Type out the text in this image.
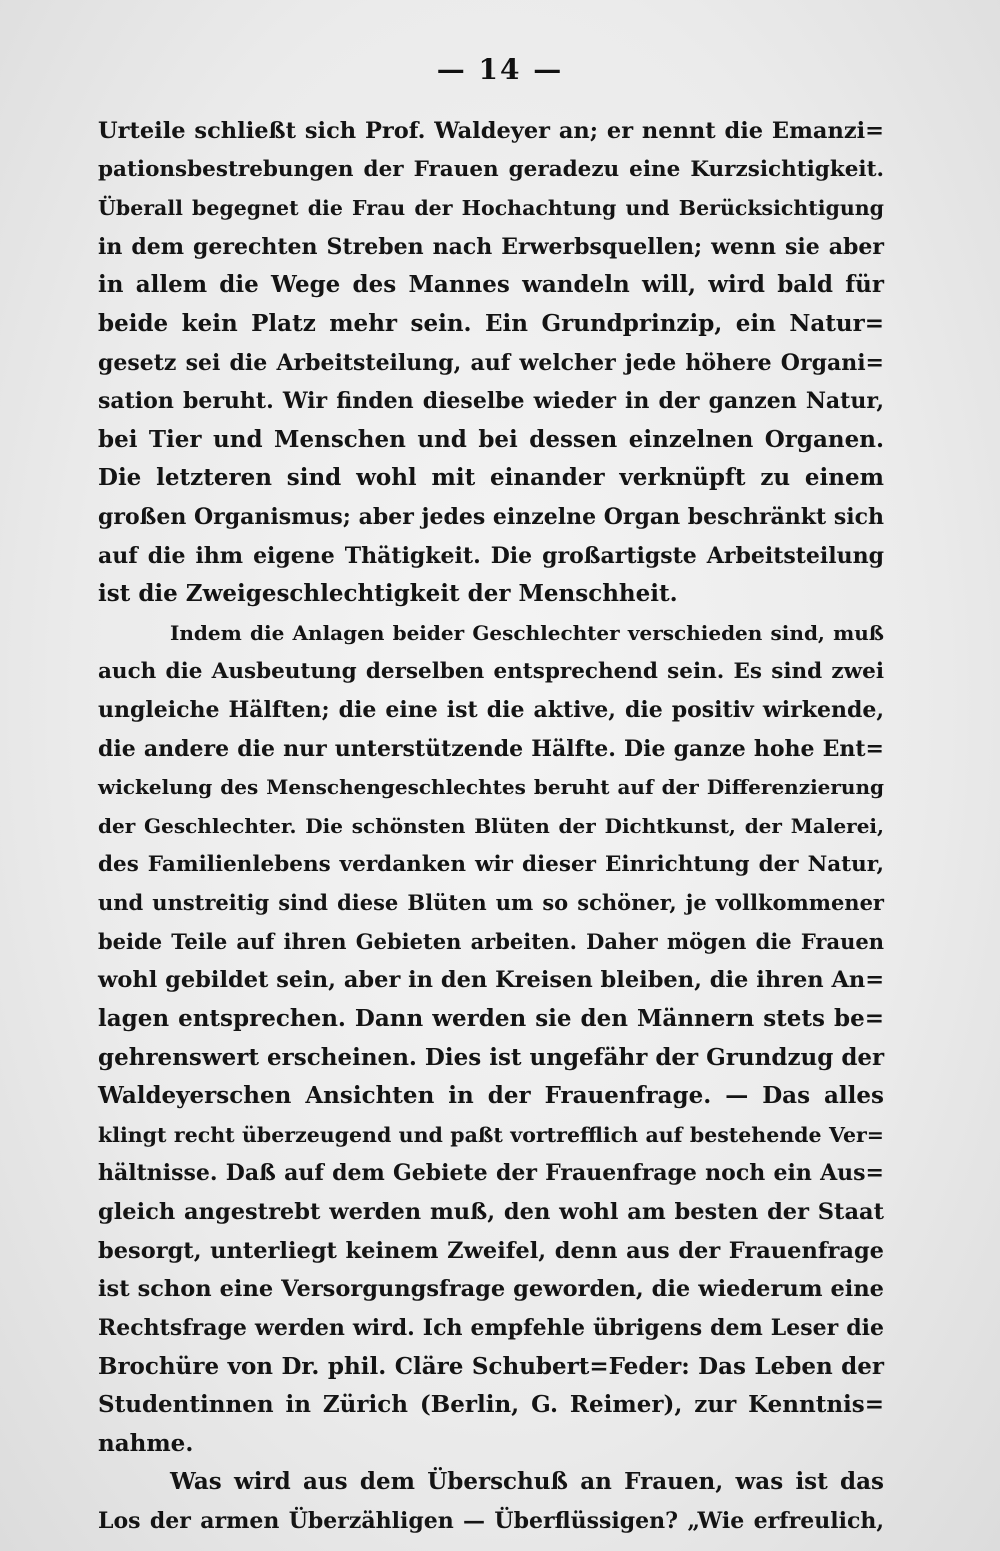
— 14 —
Urteile schließt sich Prof. Waldeyer an; er nennt die Emanzi=
pationsbestrebungen der Frauen geradezu eine Kurzsichtigkeit.
Überall begegnet die Frau der Hochachtung und Berücksichtigung
in dem gerechten Streben nach Erwerbsquellen; wenn sie aber
in allem die Wege des Mannes wandeln will, wird bald für
beide kein Platz mehr sein. Ein Grundprinzip, ein Natur=
gesetz sei die Arbeitsteilung, auf welcher jede höhere Organi=
sation beruht. Wir finden dieselbe wieder in der ganzen Natur,
bei Tier und Menschen und bei dessen einzelnen Organen.
Die letzteren sind wohl mit einander verknüpft zu einem
großen Organismus; aber jedes einzelne Organ beschränkt sich
auf die ihm eigene Thätigkeit. Die großartigste Arbeitsteilung
ist die Zweigeschlechtigkeit der Menschheit.
Indem die Anlagen beider Geschlechter verschieden sind, muß
auch die Ausbeutung derselben entsprechend sein. Es sind zwei
ungleiche Hälften; die eine ist die aktive, die positiv wirkende,
die andere die nur unterstützende Hälfte. Die ganze hohe Ent=
wickelung des Menschengeschlechtes beruht auf der Differenzierung
der Geschlechter. Die schönsten Blüten der Dichtkunst, der Malerei,
des Familienlebens verdanken wir dieser Einrichtung der Natur,
und unstreitig sind diese Blüten um so schöner, je vollkommener
beide Teile auf ihren Gebieten arbeiten. Daher mögen die Frauen
wohl gebildet sein, aber in den Kreisen bleiben, die ihren An=
lagen entsprechen. Dann werden sie den Männern stets be=
gehrenswert erscheinen. Dies ist ungefähr der Grundzug der
Waldeyerschen Ansichten in der Frauenfrage. — Das alles
klingt recht überzeugend und paßt vortrefflich auf bestehende Ver=
hältnisse. Daß auf dem Gebiete der Frauenfrage noch ein Aus=
gleich angestrebt werden muß, den wohl am besten der Staat
besorgt, unterliegt keinem Zweifel, denn aus der Frauenfrage
ist schon eine Versorgungsfrage geworden, die wiederum eine
Rechtsfrage werden wird. Ich empfehle übrigens dem Leser die
Brochüre von Dr. phil. Cläre Schubert=Feder: Das Leben der
Studentinnen in Zürich (Berlin, G. Reimer), zur Kenntnis=
nahme.
Was wird aus dem Überschuß an Frauen, was ist das
Los der armen Überzähligen — Überflüssigen? „Wie erfreulich,
